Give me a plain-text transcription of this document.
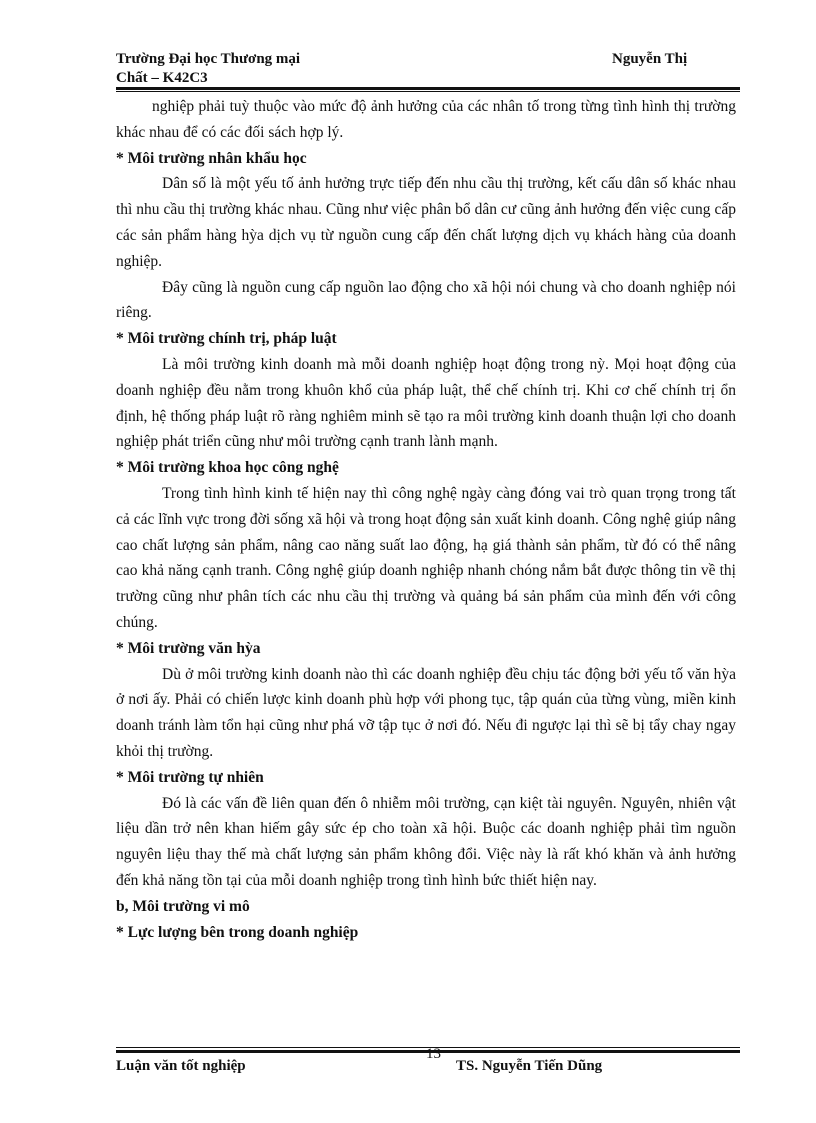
Trường Đại học Thương mại	Nguyễn Thị
Chất – K42C3

nghiệp phải tuỳ thuộc vào mức độ ảnh hưởng của các nhân tố trong từng tình hình thị trường khác nhau để có các đối sách hợp lý.

* Môi trường nhân khẩu học

Dân số là một yếu tố ảnh hưởng trực tiếp đến nhu cầu thị trường, kết cấu dân số khác nhau thì nhu cầu thị trường khác nhau. Cũng như việc phân bổ dân cư cũng ảnh hưởng đến việc cung cấp các sản phẩm hàng hỳa dịch vụ từ nguồn cung cấp đến chất lượng dịch vụ khách hàng của doanh nghiệp.

Đây cũng là nguồn cung cấp nguồn lao động cho xã hội nói chung và cho doanh nghiệp nói riêng.

* Môi trường chính trị, pháp luật

Là môi trường kinh doanh mà mỗi doanh nghiệp hoạt động trong nỳ. Mọi hoạt động của doanh nghiệp đều nằm trong khuôn khổ của pháp luật, thể chế chính trị. Khi cơ chế chính trị ổn định, hệ thống pháp luật rõ ràng nghiêm minh sẽ tạo ra môi trường kinh doanh thuận lợi cho doanh nghiệp phát triển cũng như môi trường cạnh tranh lành mạnh.

* Môi trường khoa học công nghệ

Trong tình hình kinh tế hiện nay thì công nghệ ngày càng đóng vai trò quan trọng trong tất cả các lĩnh vực trong đời sống xã hội và trong hoạt động sản xuất kinh doanh. Công nghệ giúp nâng cao chất lượng sản phẩm, nâng cao năng suất lao động, hạ giá thành sản phẩm, từ đó có thể nâng cao khả năng cạnh tranh. Công nghệ giúp doanh nghiệp nhanh chóng nắm bắt được thông tin về thị trường cũng như phân tích các nhu cầu thị trường và quảng bá sản phẩm của mình đến với công chúng.

* Môi trường văn hỳa

Dù ở môi trường kinh doanh nào thì các doanh nghiệp đều chịu tác động bởi yếu tố văn hỳa ở nơi ấy. Phải có chiến lược kinh doanh phù hợp với phong tục, tập quán của từng vùng, miền kinh doanh tránh làm tổn hại cũng như phá vỡ tập tục ở nơi đó. Nếu đi ngược lại thì sẽ bị tẩy chay ngay khỏi thị trường.

* Môi trường tự nhiên

Đó là các vấn đề liên quan đến ô nhiễm môi trường, cạn kiệt tài nguyên. Nguyên, nhiên vật liệu dần trở nên khan hiếm gây sức ép cho toàn xã hội. Buộc các doanh nghiệp phải tìm nguồn nguyên liệu thay thế mà chất lượng sản phẩm không đổi. Việc này là rất khó khăn và ảnh hưởng đến khả năng tồn tại của mỗi doanh nghiệp trong tình hình bức thiết hiện nay.

b, Môi trường vi mô
* Lực lượng bên trong doanh nghiệp
Luận văn tốt nghiệp
13
TS. Nguyễn Tiến Dũng
